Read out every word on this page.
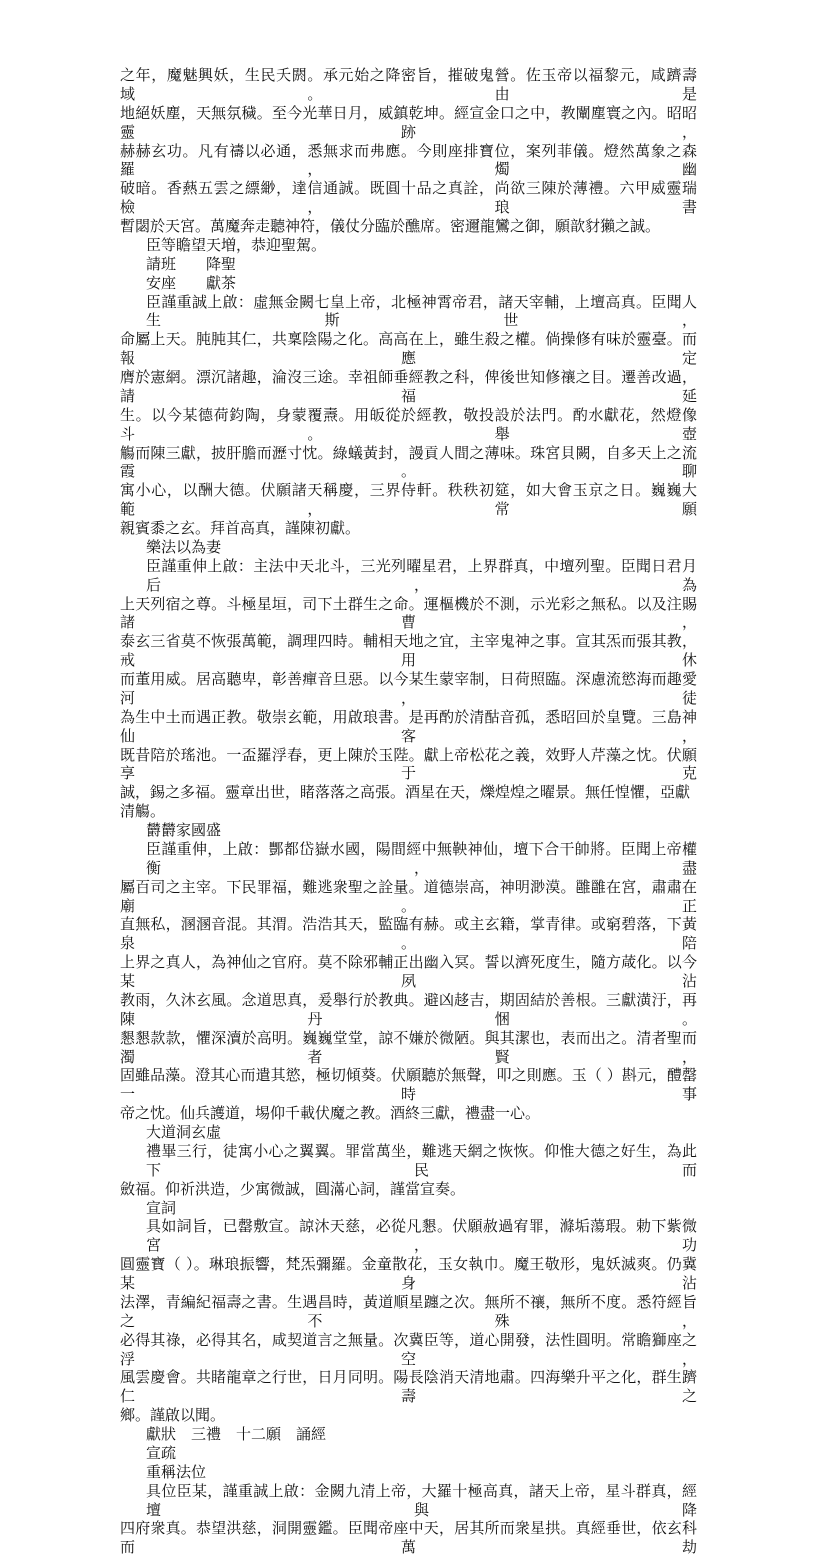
之年，魔魅興妖，生民夭閼。承元始之降密旨，摧破鬼營。佐玉帝以福黎元，咸躋壽域。由是
地絕妖塵，天無氛穢。至今光華日月，威鎮乾坤。經宣金口之中，教闡塵寰之內。昭昭靈跡，
赫赫玄功。凡有禱以必通，悉無求而弗應。今則座排寶位，案列菲儀。燈然萬象之森羅，燭幽
破暗。香爇五雲之縹緲，達信通誠。既圓十品之真詮，尚欲三陳於薄禮。六甲威靈瑞檢，琅書
暫閟於天宮。萬魔奔走聽神符，儀仗分臨於醮席。密邇龍鸞之御，願歆豺獺之誠。
臣等瞻望天増，恭迎聖駕。
請班　　降聖
安座　　獻茶
臣謹重誠上啟：虛無金闕七皇上帝，北極神霄帝君，諸天宰輔，上壇高真。臣聞人生斯世，
命屬上天。肫肫其仁，共稟陰陽之化。高高在上，雖生殺之權。倘操修有味於靈臺。而報應定
膺於憲網。漂沉諸趣，淪沒三途。幸祖師垂經教之科，俾後世知修禳之目。遷善改過，請福延
生。以今某德荷鈞陶，身蒙覆燾。用皈從於經教，敬投設於法門。酌水獻花，然燈像斗。舉壺
觴而陳三獻，披肝膽而瀝寸忱。綠蟻黃封，謾貢人間之薄味。珠宮貝闕，自多天上之流霞。聊
寓小心，以酬大德。伏願諸天稱慶，三界侍軒。秩秩初筵，如大會玉京之日。巍巍大範，常願
親賓黍之玄。拜首高真，謹陳初獻。
樂法以為妻
臣謹重伸上啟：主法中天北斗，三光列曜星君，上界群真，中壇列聖。臣聞日君月后，為
上天列宿之尊。斗極星垣，司下土群生之命。運樞機於不測，示光彩之無私。以及注賜諸曹，
泰玄三省莫不恢張萬範，調理四時。輔相天地之宜，主宰鬼神之事。宣其炁而張其教，戒用休
而董用威。居高聽卑，彰善癉音旦惡。以今某生蒙宰制，日荷照臨。深慮流慾海而趣愛河，徒
為生中土而遇正教。敬崇玄範，用啟琅書。是再酌於清酤音孤，悉昭回於皇覽。三島神仙客，
既昔陪於瑤池。一盃羅浮春，更上陳於玉陛。獻上帝松花之義，效野人芹藻之忱。伏願享于克
誠，錫之多福。靈章出世，睹落落之高張。酒星在天，爍煌煌之曜景。無任惶懼，亞獻清觴。
欝欝家國盛
臣謹重伸，上啟：酆都岱嶽水國，陽間經中無鞅神仙，壇下合干帥將。臣聞上帝權衡，盡
屬百司之主宰。下民罪福，難逃衆聖之詮量。道德崇高，神明渺漠。雝雝在宮，肅肅在廟。正
直無私，溷溷音混。其渭。浩浩其天，監臨有赫。或主玄籍，掌青律。或窮碧落，下黃泉。陪
上界之真人，為神仙之官府。莫不除邪輔正出幽入冥。誓以濟死度生，隨方葴化。以今某夙沾
教雨，久沐玄風。念道思真，爰舉行於教典。避凶趍吉，期固結於善根。三獻潢汙，再陳丹悃。
懇懇款款，懼深瀆於高明。巍巍堂堂，諒不嫌於微陋。與其潔也，表而出之。清者聖而濁者賢，
固雖品藻。澄其心而遣其慾，極切傾葵。伏願聽於無聲，叩之則應。玉（ ）斟元，醴罄一時事
帝之忱。仙兵護道，埸仰千載伏魔之教。酒終三獻，禮盡一心。
大道洞玄虛
禮畢三行，徒寓小心之翼翼。罪當萬坐，難逃天網之恢恢。仰惟大德之好生，為此下民而
斂福。仰祈洪造，少寓微誠，圓滿心詞，謹當宣奏。
宣詞
具如詞旨，已罄敷宣。諒沐天慈，必從凡懇。伏願赦過宥罪，滌垢蕩瑕。勅下紫微宮，功
圓靈寶（ ）。琳琅振響，梵炁彌羅。金童散花，玉女執巾。魔王敬形，鬼妖滅爽。仍冀某身沾
法澤，青編紀福壽之書。生遇昌時，黃道順星躔之次。無所不禳，無所不度。悉符經旨之不殊，
必得其祿，必得其名，咸契道言之無量。次冀臣等，道心開發，法性圓明。常瞻獅座之浮空，
風雲慶會。共睹龍章之行世，日月同明。陽長陰消天清地肅。四海樂升平之化，群生躋仁壽之
鄉。謹啟以聞。
獻狀　三禮　十二願　誦經
宣疏
重稱法位
具位臣某，謹重誠上啟：金闕九清上帝，大羅十極高真，諸天上帝，星斗群真，經壇與降
四府衆真。恭望洪慈，洞開靈鑑。臣聞帝座中天，居其所而衆星拱。真經垂世，依玄科而萬劫
